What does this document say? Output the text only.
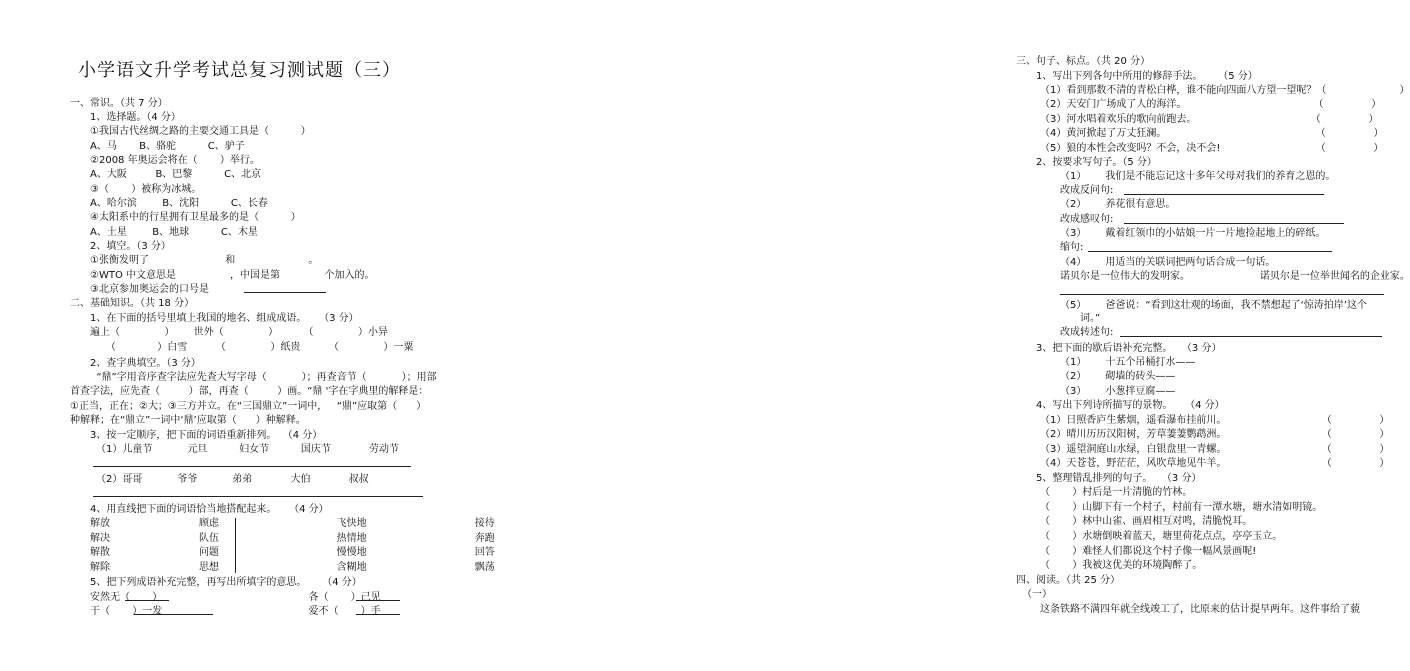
小学语文升学考试总复习测试题（三）
一、常识。（共 7 分）
1、选择题。（4 分）
①我国古代丝绸之路的主要交通工具是（          ）
A、马       B、骆驼          C、驴子
②2008 年奥运会将在（       ）举行。
A、大阪         B、巴黎          C、北京
③（       ）被称为冰城。
A、哈尔滨        B、沈阳          C、长春
④太阳系中的行星拥有卫星最多的是（          ）
A、土星        B、地球          C、木星
2、填空。（3 分）
①张衡发明了                        和                       。
②WTO 中文意思是                 ，中国是第              个加入的。
③北京参加奥运会的口号是
二、基础知识。（共 18 分）
1、在下面的括号里填上我国的地名、组成成语。    （3 分）
遍上（              ）      世外（              ）        （              ）小异
（             ）白雪         （              ）纸贵         （              ）一粟
2、查字典填空。（3 分）
“鼎”字用音序查字法应先查大写字母（           ）；再查音节（           ）；用部
首查字法，应先查（         ）部，再查（         ）画。“鼎 '字在字典里的解释是：
①正当，正在；②大；③三方并立。在“三国鼎立”一词中，   “鼎”应取第（      ）
种解释；在“鼎立”一词中‘鼎’应取第（      ）种解释。
3、按一定顺序，把下面的词语重新排列。  （4 分）
（1）儿童节           元旦          妇女节          国庆节            劳动节
（2）哥哥           爷爷           弟弟            大伯            叔叔
4、用直线把下面的词语恰当地搭配起来。    （4 分）
解放                            顾虑                                     飞快地                                  接待
解决                            队伍                                     热情地                                  奔跑
解散                            问题                                     慢慢地                                  回答
解除                            思想                                     含糊地                                  飘荡
5、把下列成语补充完整，再写出所填字的意思。     （4 分）
安然无（       ）                                              各（       ）己见
干（       ）一发                                              爱不（       ）手
三、句子、标点。（共 20 分）
1、写出下列各句中所用的修辞手法。     （5 分）
（1）看到那数不清的青松白桦，谁不能向四面八方望一望呢？（                       ）
（2）天安门广场成了人的海洋。                                        （               ）
（3）河水唱着欢乐的歌向前跑去。                                    （               ）
（4）黄河掀起了万丈狂澜。                                               （               ）
（5）狼的本性会改变吗？不会，决不会!                              （               ）
2、按要求写句子。（5 分）
（1）      我们是不能忘记这十多年父母对我们的养育之恩的。
改成反问句:
（2）      养花很有意思。
改成感叹句:
（3）      戴着红领巾的小姑娘一片一片地捡起地上的碎纸。
缩句:
（4）      用适当的关联词把两句话合成一句话。
诺贝尔是一位伟大的发明家。                      诺贝尔是一位举世闻名的企业家。
（5）      爸爸说：“看到这壮观的场面，我不禁想起了‘惊涛拍岸’这个
词。”
改成转述句:
3、把下面的歇后语补充完整。   （3 分）
（1）      十五个吊桶打水——
（2）      砌墙的砖头——
（3）      小葱拌豆腐——
4、写出下列诗所描写的景物。    （4 分）
（1）日照香庐生紫烟，遥看瀑布挂前川。                              （               ）
（2）晴川历历汉阳树，芳草萋萋鹦鹉洲。                              （               ）
（3）遥望洞庭山水绿，白银盘里一青螺。                              （               ）
（4）天苍苍，野茫茫，风吹草地见牛羊。                              （               ）
5、整理错乱排列的句子。   （3 分）
（       ）村后是一片清脆的竹林。
（       ）山脚下有一个村子，村前有一潭水塘，塘水清如明镜。
（       ）林中山雀、画眉相互对鸣，清脆悦耳。
（       ）水塘倒映着蓝天，塘里荷花点点，亭亭玉立。
（       ）难怪人们都说这个村子像一幅风景画呢!
（       ）我被这优美的环境陶醉了。
四、阅读。（共 25 分）
（一）
这条铁路不满四年就全线竣工了，比原来的估计提早两年。这件事给了藐
